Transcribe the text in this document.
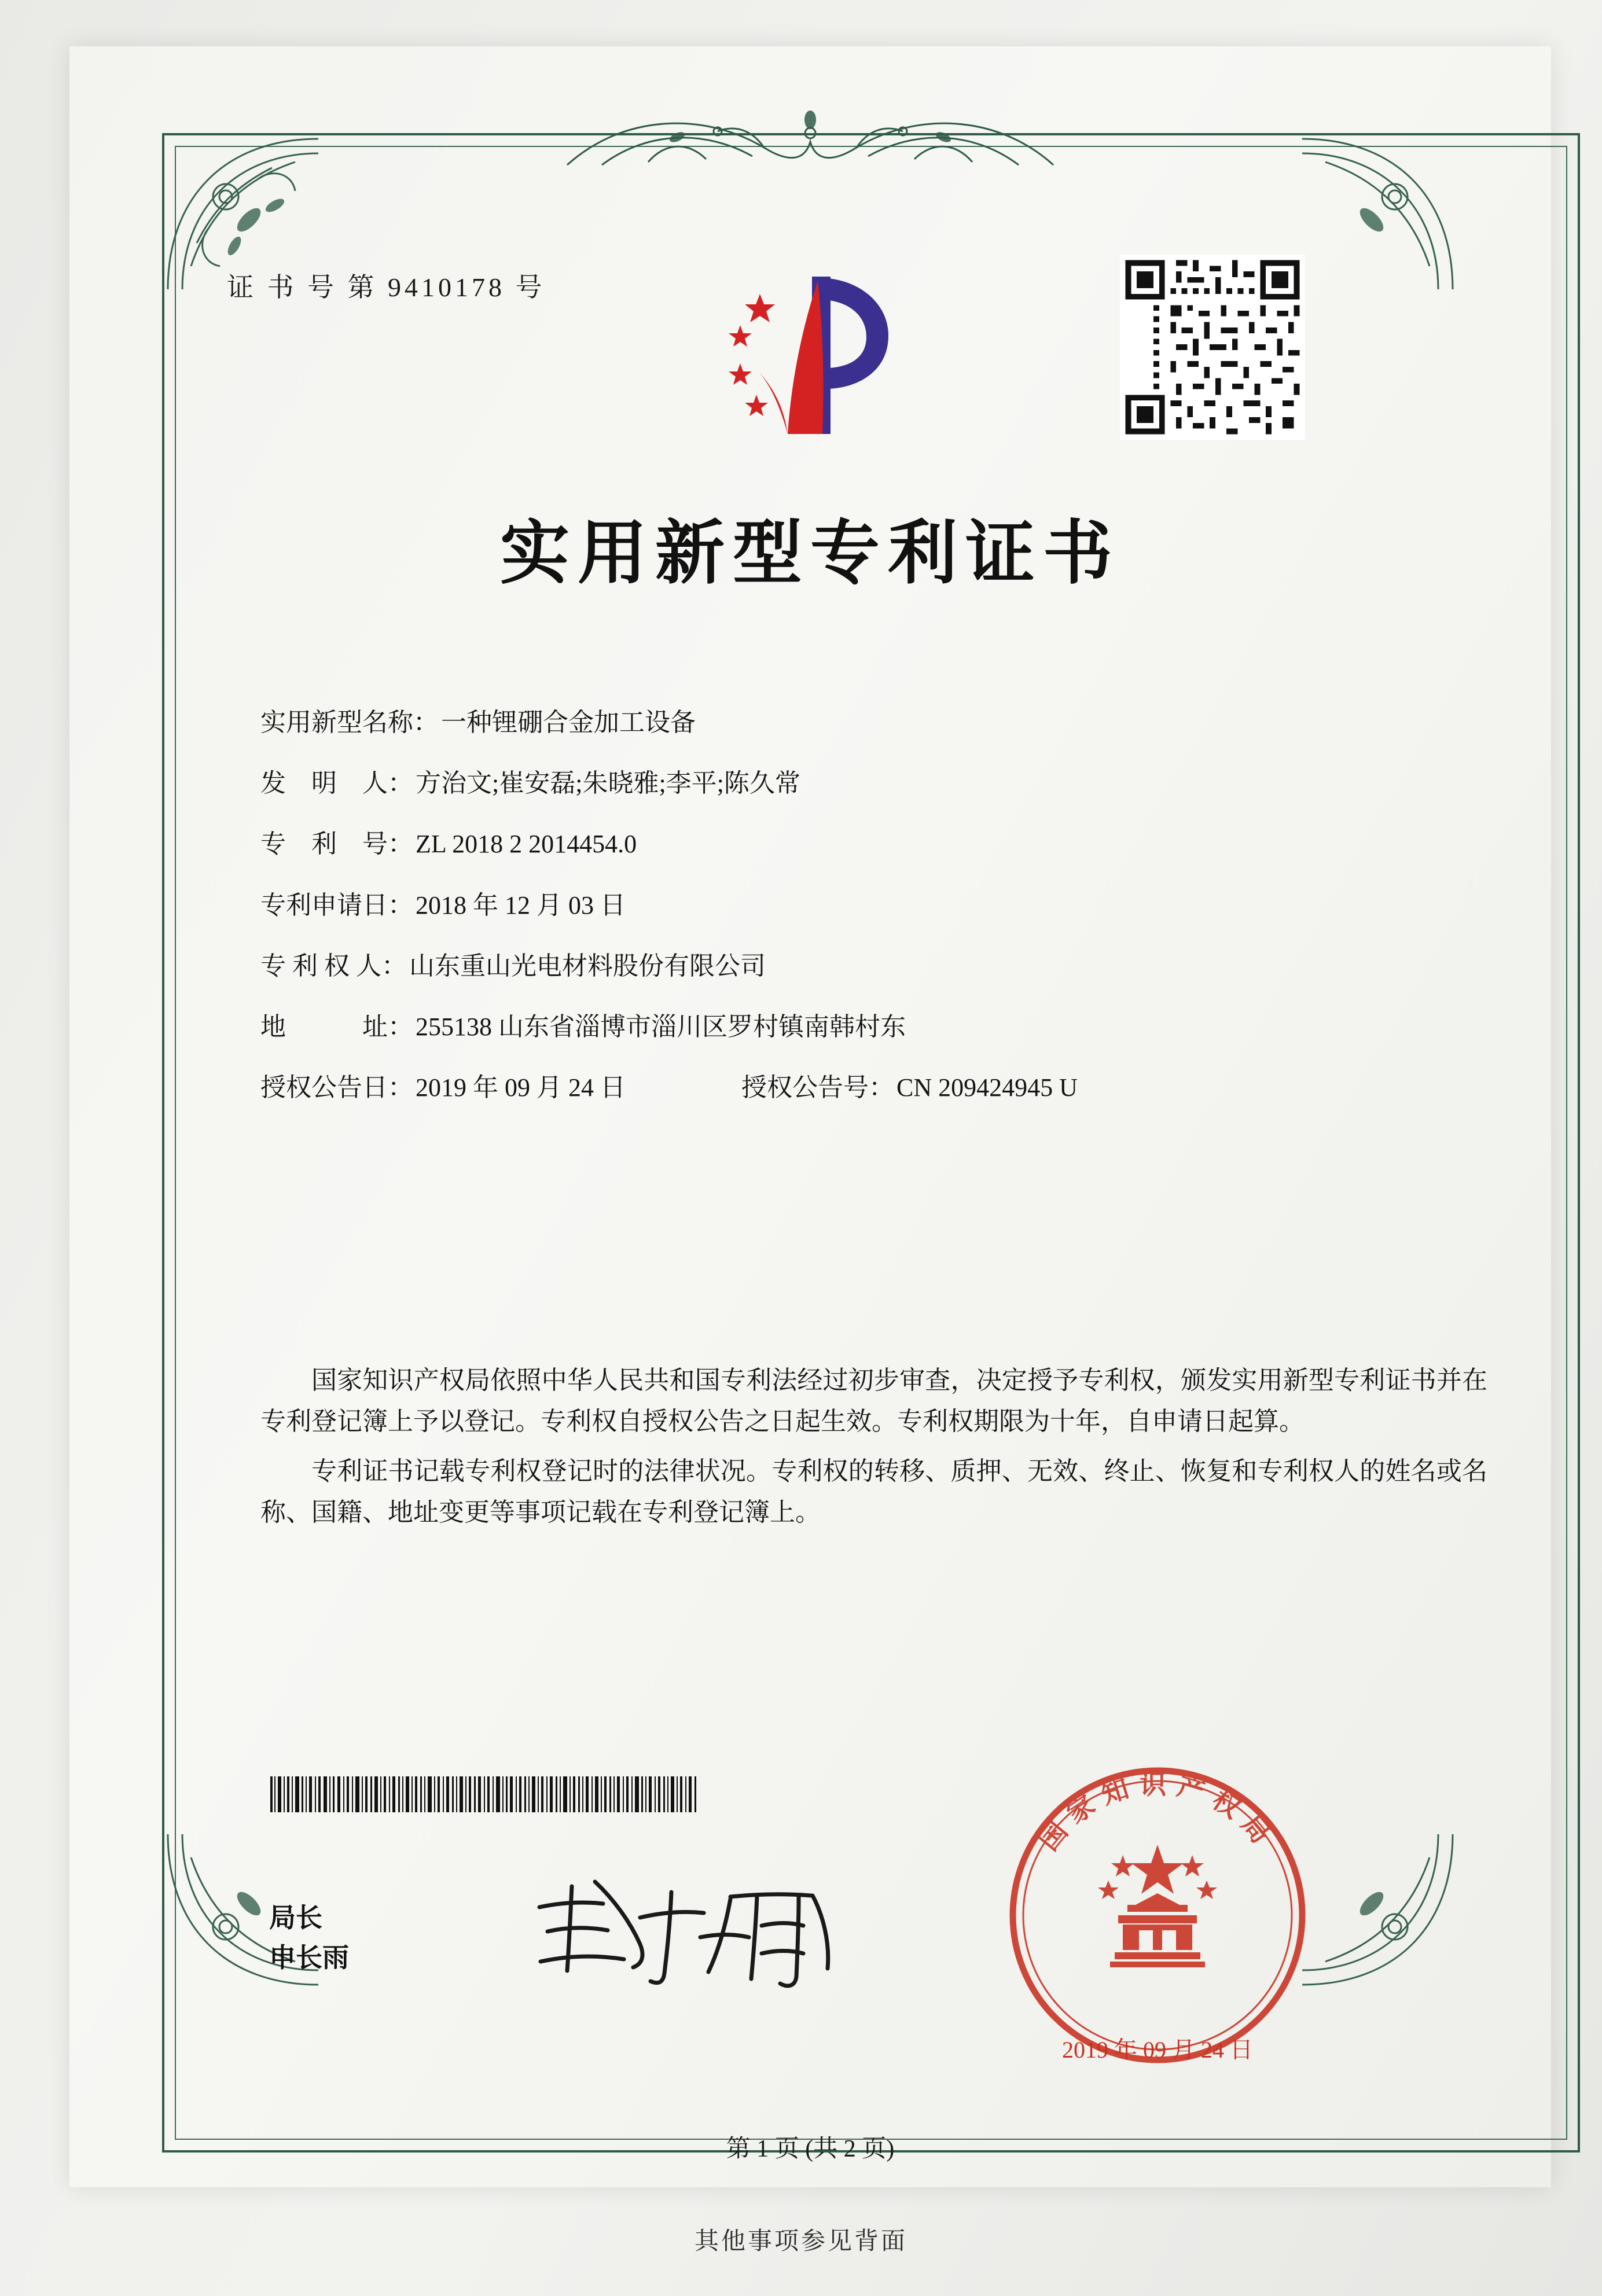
证 书 号 第 9410178 号
实用新型专利证书
实用新型名称： 一种锂硼合金加工设备
发　明　人： 方治文;崔安磊;朱晓雅;李平;陈久常
专　利　号： ZL 2018 2 2014454.0
专利申请日： 2018 年 12 月 03 日
专 利 权 人： 山东重山光电材料股份有限公司
地　　　址： 255138 山东省淄博市淄川区罗村镇南韩村东
授权公告日： 2019 年 09 月 24 日	授权公告号： CN 209424945 U

国家知识产权局依照中华人民共和国专利法经过初步审查，决定授予专利权，颁发实用新型专利证书并在专利登记簿上予以登记。专利权自授权公告之日起生效。专利权期限为十年，自申请日起算。

专利证书记载专利权登记时的法律状况。专利权的转移、质押、无效、终止、恢复和专利权人的姓名或名称、国籍、地址变更等事项记载在专利登记簿上。

局长
申长雨
国家知识产权局
2019 年 09 月 24 日
第 1 页 (共 2 页)
其他事项参见背面
